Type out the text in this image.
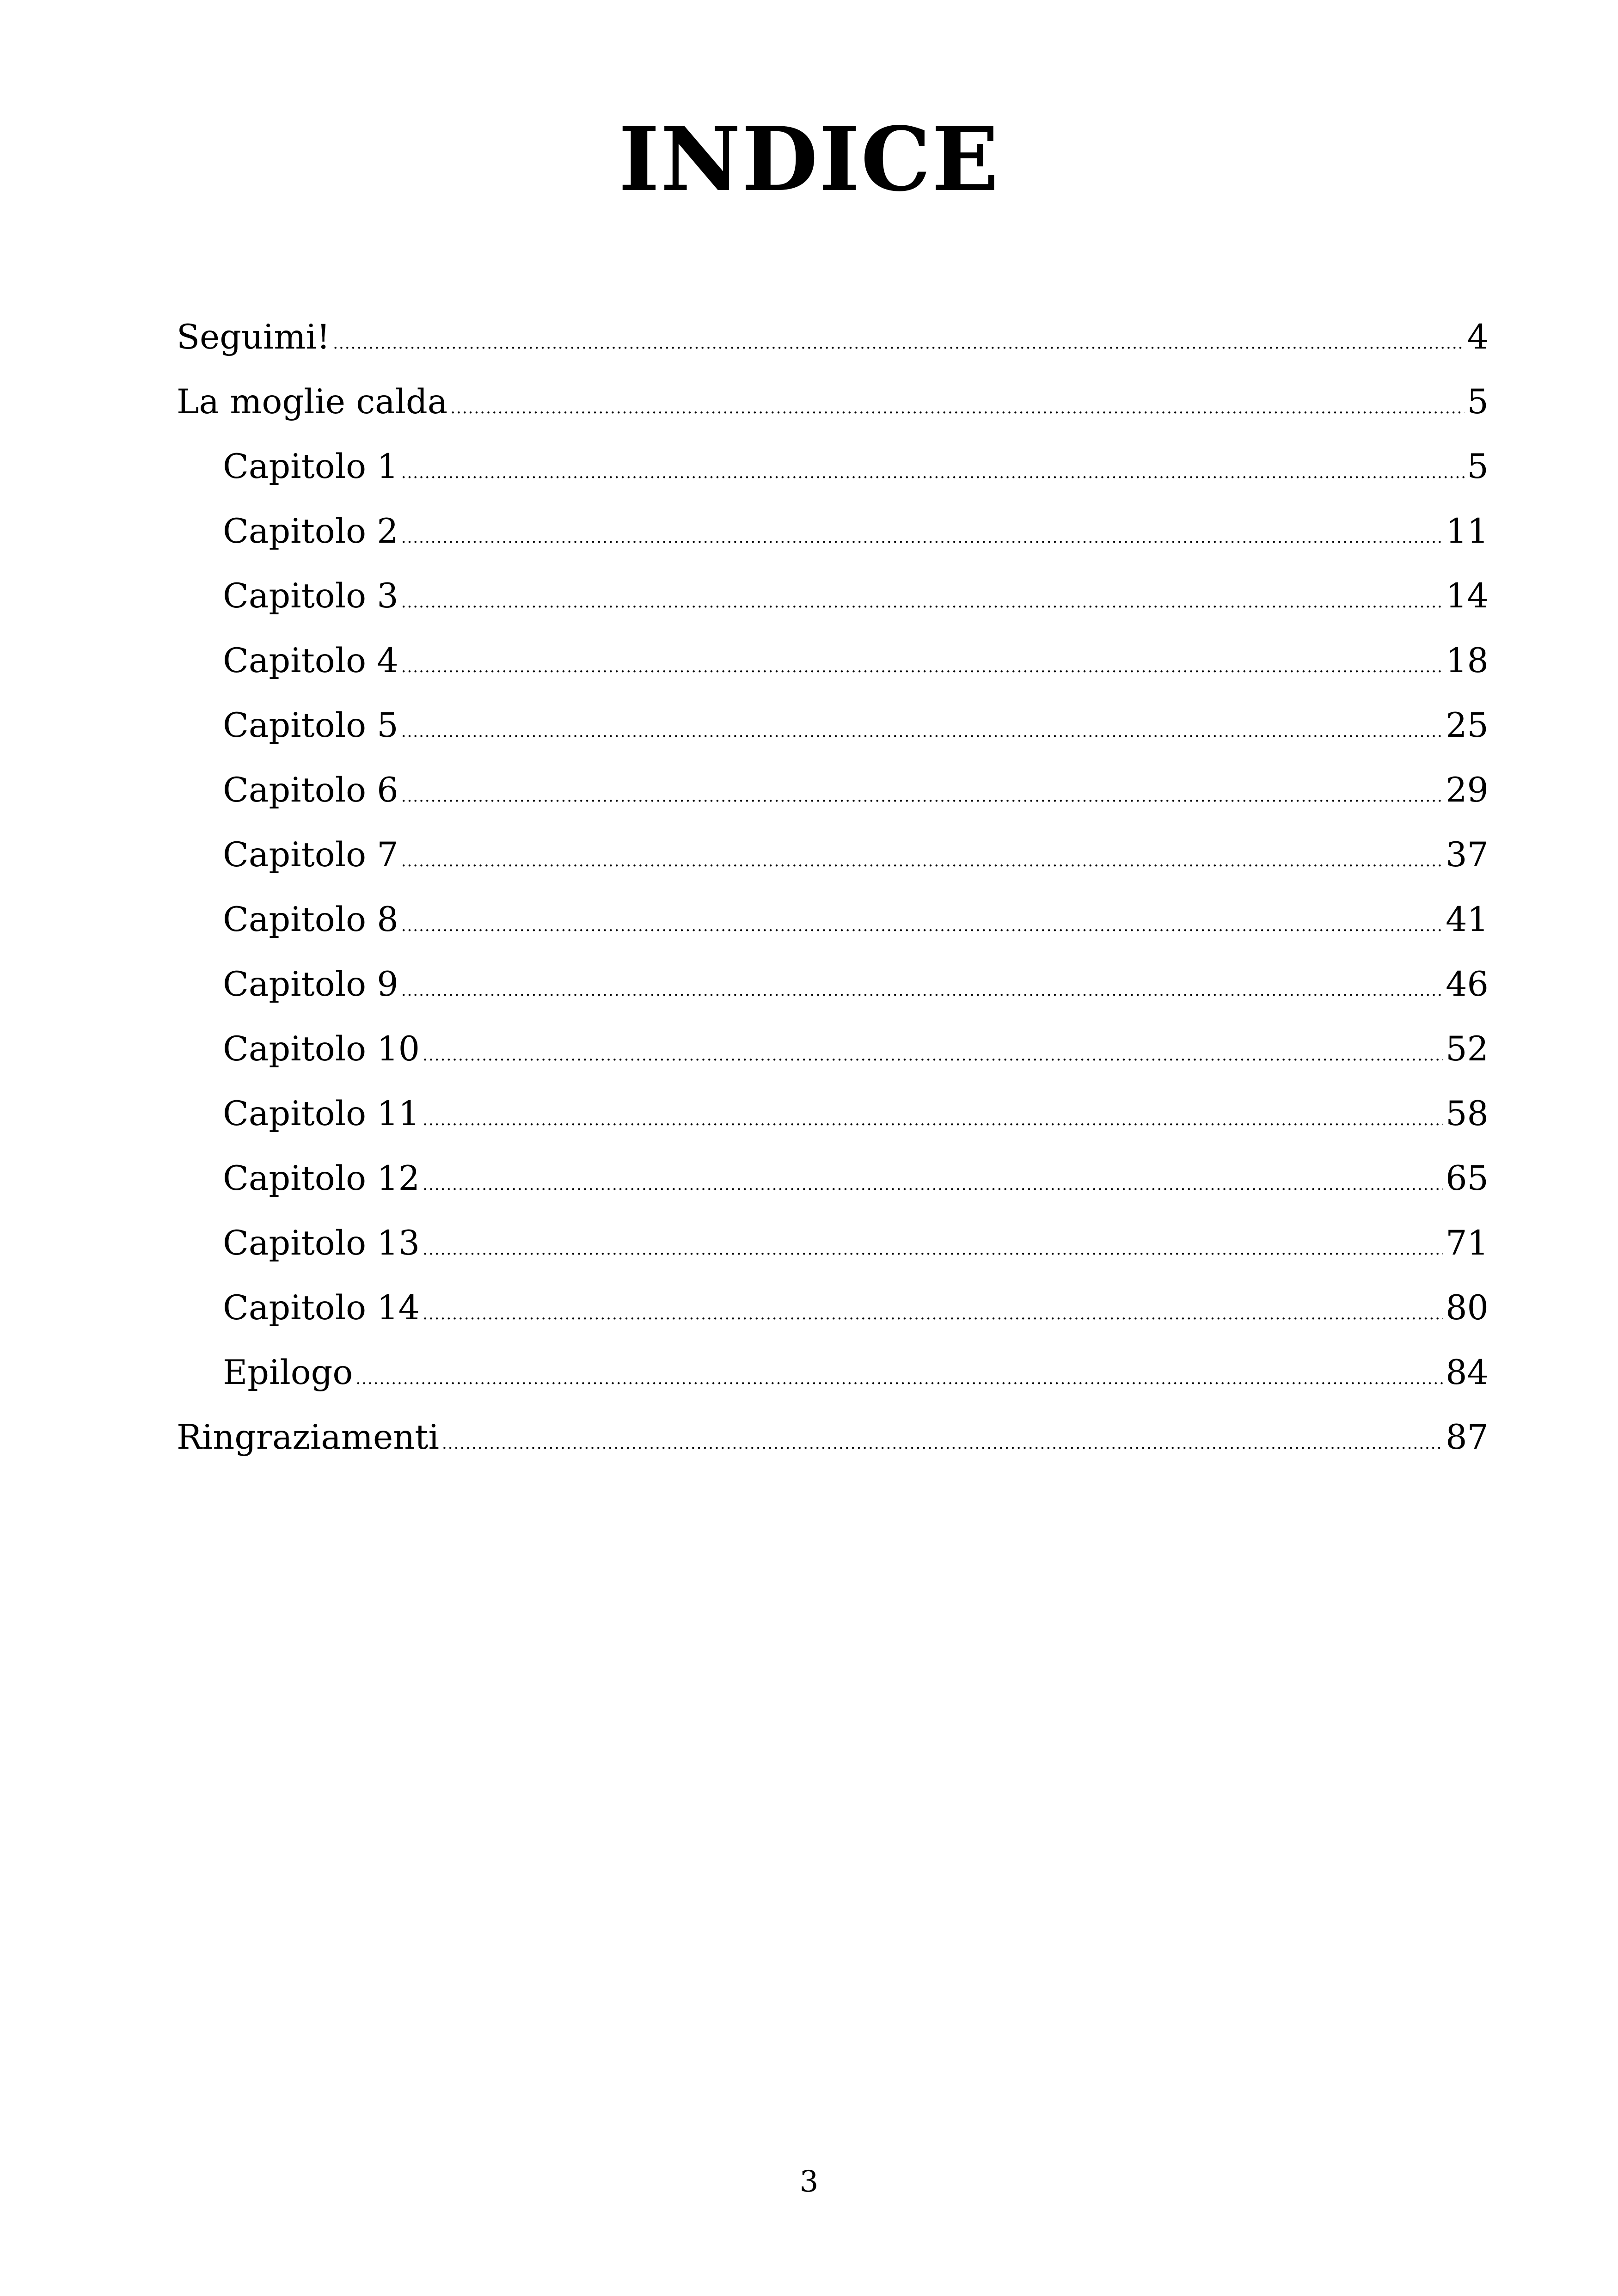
INDICE
Seguimi! .....	4
La moglie calda .....	5
Capitolo 1 .....	5
Capitolo 2 .....	11
Capitolo 3 .....	14
Capitolo 4 .....	18
Capitolo 5 .....	25
Capitolo 6 .....	29
Capitolo 7 .....	37
Capitolo 8 .....	41
Capitolo 9 .....	46
Capitolo 10 .....	52
Capitolo 11 .....	58
Capitolo 12 .....	65
Capitolo 13 .....	71
Capitolo 14 .....	80
Epilogo .....	84
Ringraziamenti .....	87
3
